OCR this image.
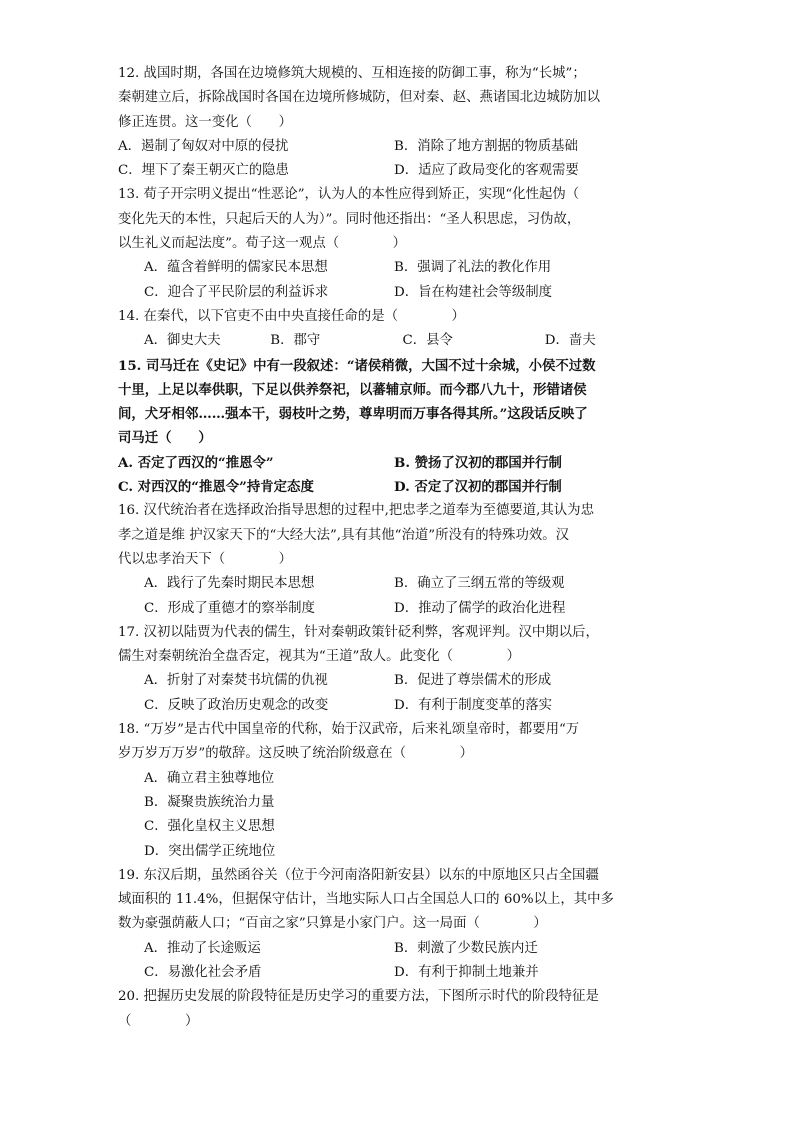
12. 战国时期，各国在边境修筑大规模的、互相连接的防御工事，称为“长城”；
秦朝建立后，拆除战国时各国在边境所修城防，但对秦、赵、燕诸国北边城防加以
修正连贯。这一变化（　　）
A．遏制了匈奴对中原的侵扰	B．消除了地方割据的物质基础
C．埋下了秦王朝灭亡的隐患	D．适应了政局变化的客观需要
13. 荀子开宗明义提出“性恶论”，认为人的本性应得到矫正，实现“化性起伪（
变化先天的本性，只起后天的人为）”。同时他还指出：“圣人积思虑，习伪故，
以生礼义而起法度”。荀子这一观点（　　　　）
A．蕴含着鲜明的儒家民本思想	B．强调了礼法的教化作用
C．迎合了平民阶层的利益诉求	D．旨在构建社会等级制度
14. 在秦代，以下官吏不由中央直接任命的是（　　　　）
A．御史大夫	B．郡守	C．县令	D．啬夫
15. 司马迁在《史记》中有一段叙述：“诸侯稍微，大国不过十余城，小侯不过数
十里，上足以奉供职，下足以供养祭祀，以蕃辅京师。而今郡八九十，形错诸侯
间，犬牙相邻……强本干，弱枝叶之势，尊卑明而万事各得其所。”这段话反映了
司马迁（　　）
A. 否定了西汉的“推恩令”	B. 赞扬了汉初的郡国并行制
C. 对西汉的“推恩令”持肯定态度	D. 否定了汉初的郡国并行制
16. 汉代统治者在选择政治指导思想的过程中,把忠孝之道奉为至德要道,其认为忠
孝之道是维 护汉家天下的“大经大法”,具有其他“治道”所没有的特殊功效。汉
代以忠孝治天下（　　　　）
A．践行了先秦时期民本思想	B．确立了三纲五常的等级观
C．形成了重德才的察举制度	D．推动了儒学的政治化进程
17. 汉初以陆贾为代表的儒生，针对秦朝政策针砭利弊，客观评判。汉中期以后，
儒生对秦朝统治全盘否定，视其为“王道”敌人。此变化（　　　　）
A．折射了对秦焚书坑儒的仇视	B．促进了尊崇儒术的形成
C．反映了政治历史观念的改变	D．有利于制度变革的落实
18. “万岁”是古代中国皇帝的代称，始于汉武帝，后来礼颂皇帝时，都要用“万
岁万岁万万岁”的敬辞。这反映了统治阶级意在（　　　　）
A．确立君主独尊地位
B．凝聚贵族统治力量
C．强化皇权主义思想
D．突出儒学正统地位
19. 东汉后期，虽然函谷关（位于今河南洛阳新安县）以东的中原地区只占全国疆
域面积的 11.4%，但据保守估计，当地实际人口占全国总人口的 60%以上，其中多
数为豪强荫蔽人口；“百亩之家”只算是小家门户。这一局面（　　　　）
A．推动了长途贩运	B．刺激了少数民族内迁
C．易激化社会矛盾	D．有利于抑制土地兼并
20. 把握历史发展的阶段特征是历史学习的重要方法，下图所示时代的阶段特征是
（　　　　）
